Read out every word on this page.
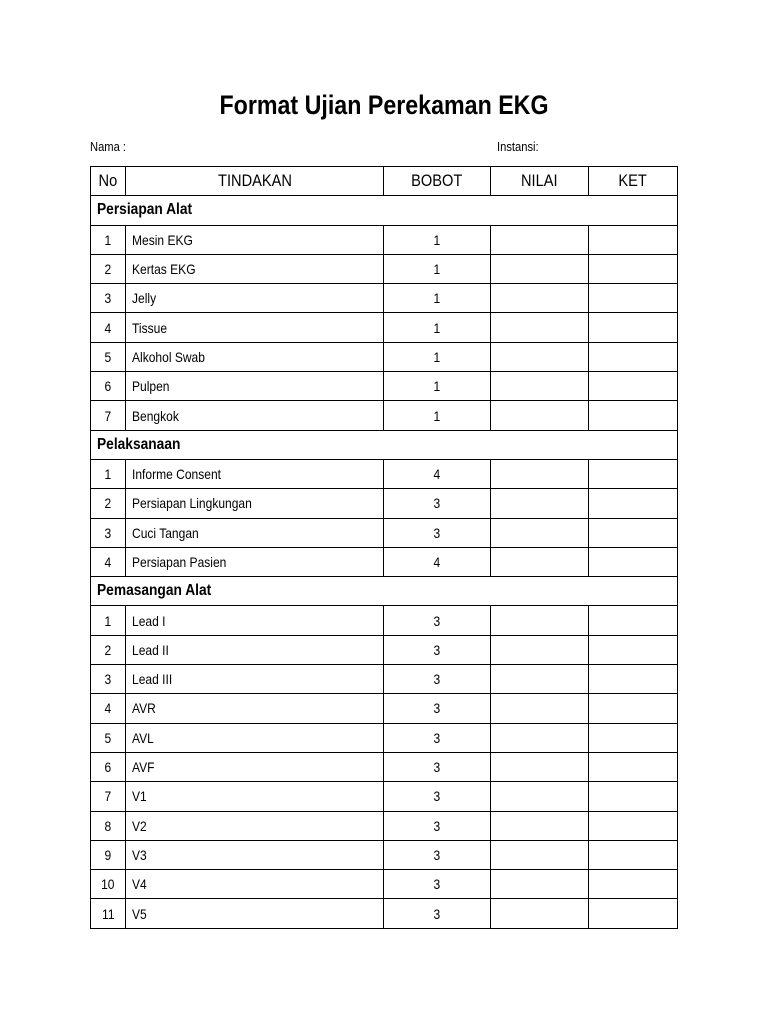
Format Ujian Perekaman EKG
Nama :	Instansi:
No	TINDAKAN	BOBOT	NILAI	KET
Persiapan Alat				
1	Mesin EKG	1		
2	Kertas EKG	1		
3	Jelly	1		
4	Tissue	1		
5	Alkohol Swab	1		
6	Pulpen	1		
7	Bengkok	1		
Pelaksanaan				
1	Informe Consent	4		
2	Persiapan Lingkungan	3		
3	Cuci Tangan	3		
4	Persiapan Pasien	4		
Pemasangan Alat				
1	Lead I	3		
2	Lead II	3		
3	Lead III	3		
4	AVR	3		
5	AVL	3		
6	AVF	3		
7	V1	3		
8	V2	3		
9	V3	3		
10	V4	3		
11	V5	3		
